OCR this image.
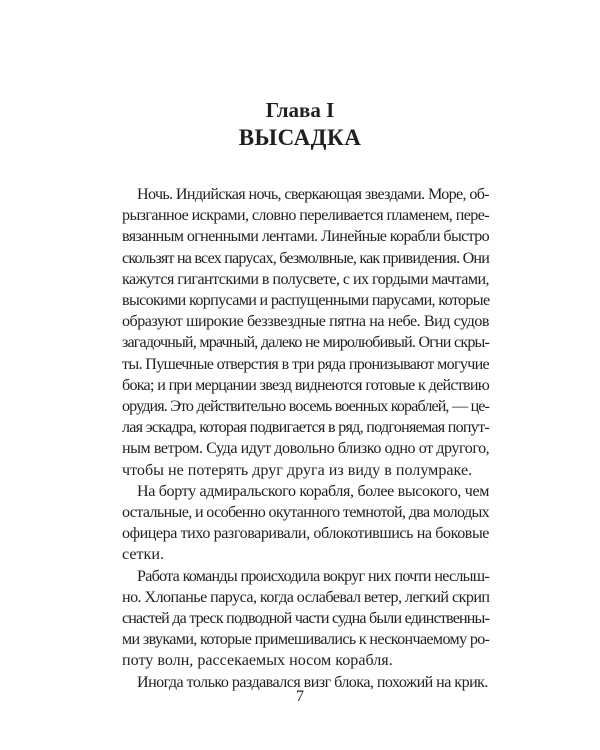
Глава I
ВЫСАДКА
Ночь. Индийская ночь, сверкающая звездами. Море, об-
рызганное искрами, словно переливается пламенем, пере-
вязанным огненными лентами. Линейные корабли быстро
скользят на всех парусах, безмолвные, как привидения. Они
кажутся гигантскими в полусвете, с их гордыми мачтами,
высокими корпусами и распущенными парусами, которые
образуют широкие беззвездные пятна на небе. Вид судов
загадочный, мрачный, далеко не миролюбивый. Огни скры-
ты. Пушечные отверстия в три ряда пронизывают могучие
бока; и при мерцании звезд виднеются готовые к действию
орудия. Это действительно восемь военных кораблей, — це-
лая эскадра, которая подвигается в ряд, подгоняемая попут-
ным ветром. Суда идут довольно близко одно от другого,
чтобы не потерять друг друга из виду в полумраке.
На борту адмиральского корабля, более высокого, чем
остальные, и особенно окутанного темнотой, два молодых
офицера тихо разговаривали, облокотившись на боковые
сетки.
Работа команды происходила вокруг них почти неслыш-
но. Хлопанье паруса, когда ослабевал ветер, легкий скрип
снастей да треск подводной части судна были единственны-
ми звуками, которые примешивались к нескончаемому ро-
поту волн, рассекаемых носом корабля.
Иногда только раздавался визг блока, похожий на крик.
7
